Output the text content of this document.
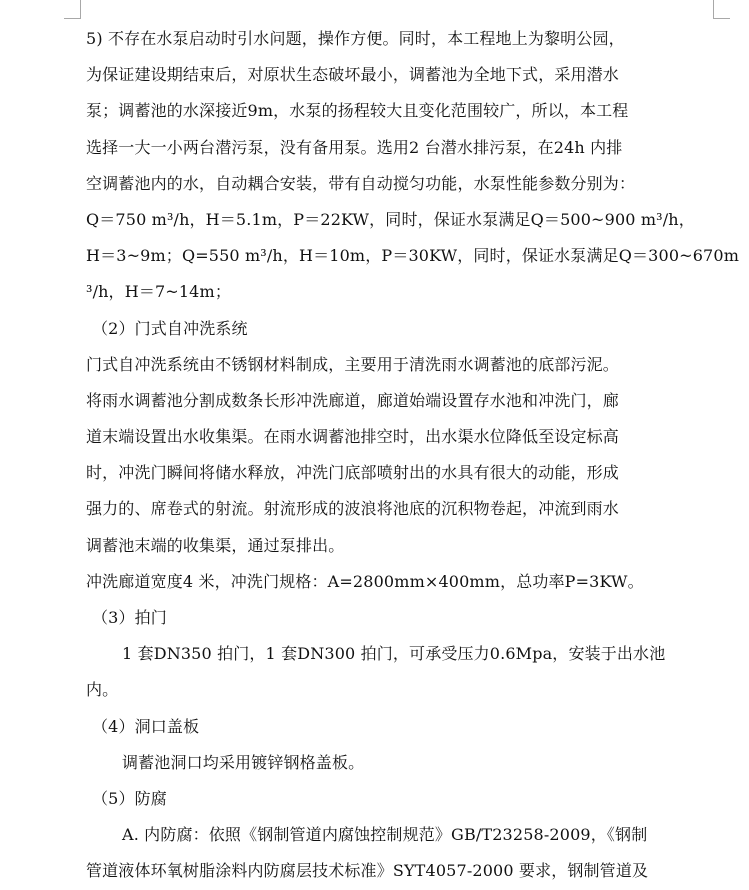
5) 不存在水泵启动时引水问题，操作方便。同时，本工程地上为黎明公园，
为保证建设期结束后，对原状生态破坏最小，调蓄池为全地下式，采用潜水
泵；调蓄池的水深接近9m，水泵的扬程较大且变化范围较广，所以，本工程
选择一大一小两台潜污泵，没有备用泵。选用2 台潜水排污泵，在24h 内排
空调蓄池内的水，自动耦合安装，带有自动搅匀功能，水泵性能参数分别为：
Q＝750 m³/h，H＝5.1m，P＝22KW，同时，保证水泵满足Q＝500~900 m³/h，
H＝3~9m；Q=550 m³/h，H＝10m，P＝30KW，同时，保证水泵满足Q＝300~670m
³/h，H＝7~14m；
（2）门式自冲洗系统
门式自冲洗系统由不锈钢材料制成，主要用于清洗雨水调蓄池的底部污泥。
将雨水调蓄池分割成数条长形冲洗廊道，廊道始端设置存水池和冲洗门，廊
道末端设置出水收集渠。在雨水调蓄池排空时，出水渠水位降低至设定标高
时，冲洗门瞬间将储水释放，冲洗门底部喷射出的水具有很大的动能，形成
强力的、席卷式的射流。射流形成的波浪将池底的沉积物卷起，冲流到雨水
调蓄池末端的收集渠，通过泵排出。
冲洗廊道宽度4 米，冲洗门规格：A=2800mm×400mm，总功率P=3KW。
（3）拍门
1 套DN350 拍门，1 套DN300 拍门，可承受压力0.6Mpa，安装于出水池
内。
（4）洞口盖板
调蓄池洞口均采用镀锌钢格盖板。
（5）防腐
A. 内防腐：依照《钢制管道内腐蚀控制规范》GB/T23258-2009，《钢制
管道液体环氧树脂涂料内防腐层技术标准》SYT4057-2000 要求，钢制管道及
